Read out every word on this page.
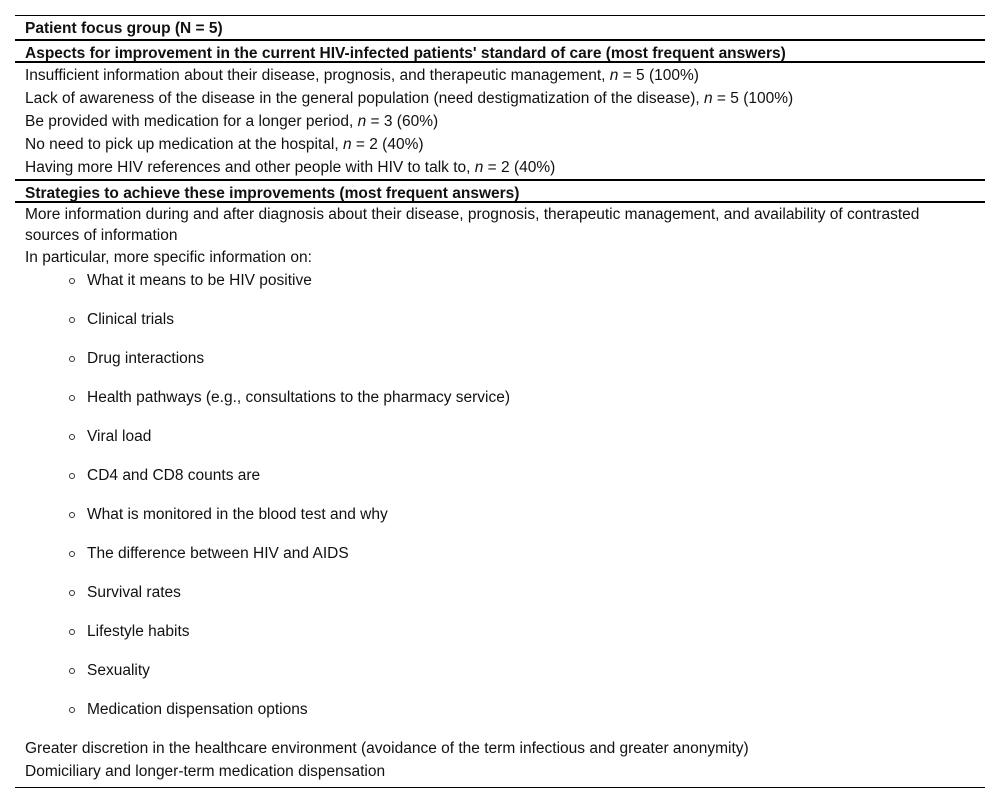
Patient focus group (N = 5)
Aspects for improvement in the current HIV-infected patients' standard of care (most frequent answers)
Insufficient information about their disease, prognosis, and therapeutic management, n = 5 (100%)
Lack of awareness of the disease in the general population (need destigmatization of the disease), n = 5 (100%)
Be provided with medication for a longer period, n = 3 (60%)
No need to pick up medication at the hospital, n = 2 (40%)
Having more HIV references and other people with HIV to talk to, n = 2 (40%)
Strategies to achieve these improvements (most frequent answers)
More information during and after diagnosis about their disease, prognosis, therapeutic management, and availability of contrasted sources of information
In particular, more specific information on:
What it means to be HIV positive
Clinical trials
Drug interactions
Health pathways (e.g., consultations to the pharmacy service)
Viral load
CD4 and CD8 counts are
What is monitored in the blood test and why
The difference between HIV and AIDS
Survival rates
Lifestyle habits
Sexuality
Medication dispensation options
Greater discretion in the healthcare environment (avoidance of the term infectious and greater anonymity)
Domiciliary and longer-term medication dispensation
